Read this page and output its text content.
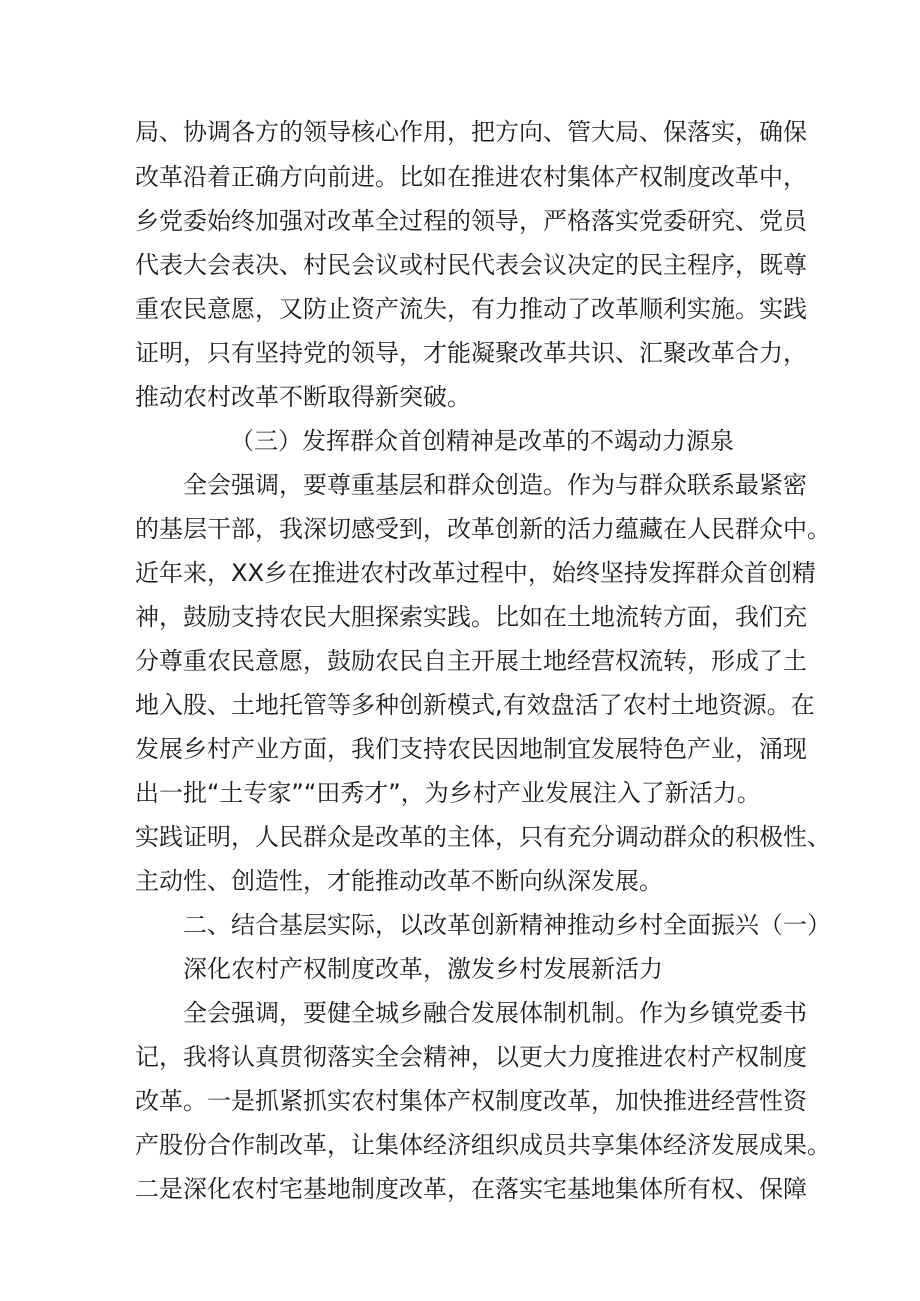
局、协调各方的领导核心作用，把方向、管大局、保落实，确保
改革沿着正确方向前进。比如在推进农村集体产权制度改革中，
乡党委始终加强对改革全过程的领导，严格落实党委研究、党员
代表大会表决、村民会议或村民代表会议决定的民主程序，既尊
重农民意愿，又防止资产流失，有力推动了改革顺利实施。实践
证明，只有坚持党的领导，才能凝聚改革共识、汇聚改革合力，
推动农村改革不断取得新突破。
（三）发挥群众首创精神是改革的不竭动力源泉
全会强调，要尊重基层和群众创造。作为与群众联系最紧密
的基层干部，我深切感受到，改革创新的活力蕴藏在人民群众中。
近年来，XX乡在推进农村改革过程中，始终坚持发挥群众首创精
神，鼓励支持农民大胆探索实践。比如在土地流转方面，我们充
分尊重农民意愿，鼓励农民自主开展土地经营权流转，形成了土
地入股、土地托管等多种创新模式,有效盘活了农村土地资源。在
发展乡村产业方面，我们支持农民因地制宜发展特色产业，涌现
出一批“土专家”“田秀才”，为乡村产业发展注入了新活力。
实践证明，人民群众是改革的主体，只有充分调动群众的积极性、
主动性、创造性，才能推动改革不断向纵深发展。
二、结合基层实际，以改革创新精神推动乡村全面振兴（一）
深化农村产权制度改革，激发乡村发展新活力
全会强调，要健全城乡融合发展体制机制。作为乡镇党委书
记，我将认真贯彻落实全会精神，以更大力度推进农村产权制度
改革。一是抓紧抓实农村集体产权制度改革，加快推进经营性资
产股份合作制改革，让集体经济组织成员共享集体经济发展成果。
二是深化农村宅基地制度改革，在落实宅基地集体所有权、保障
